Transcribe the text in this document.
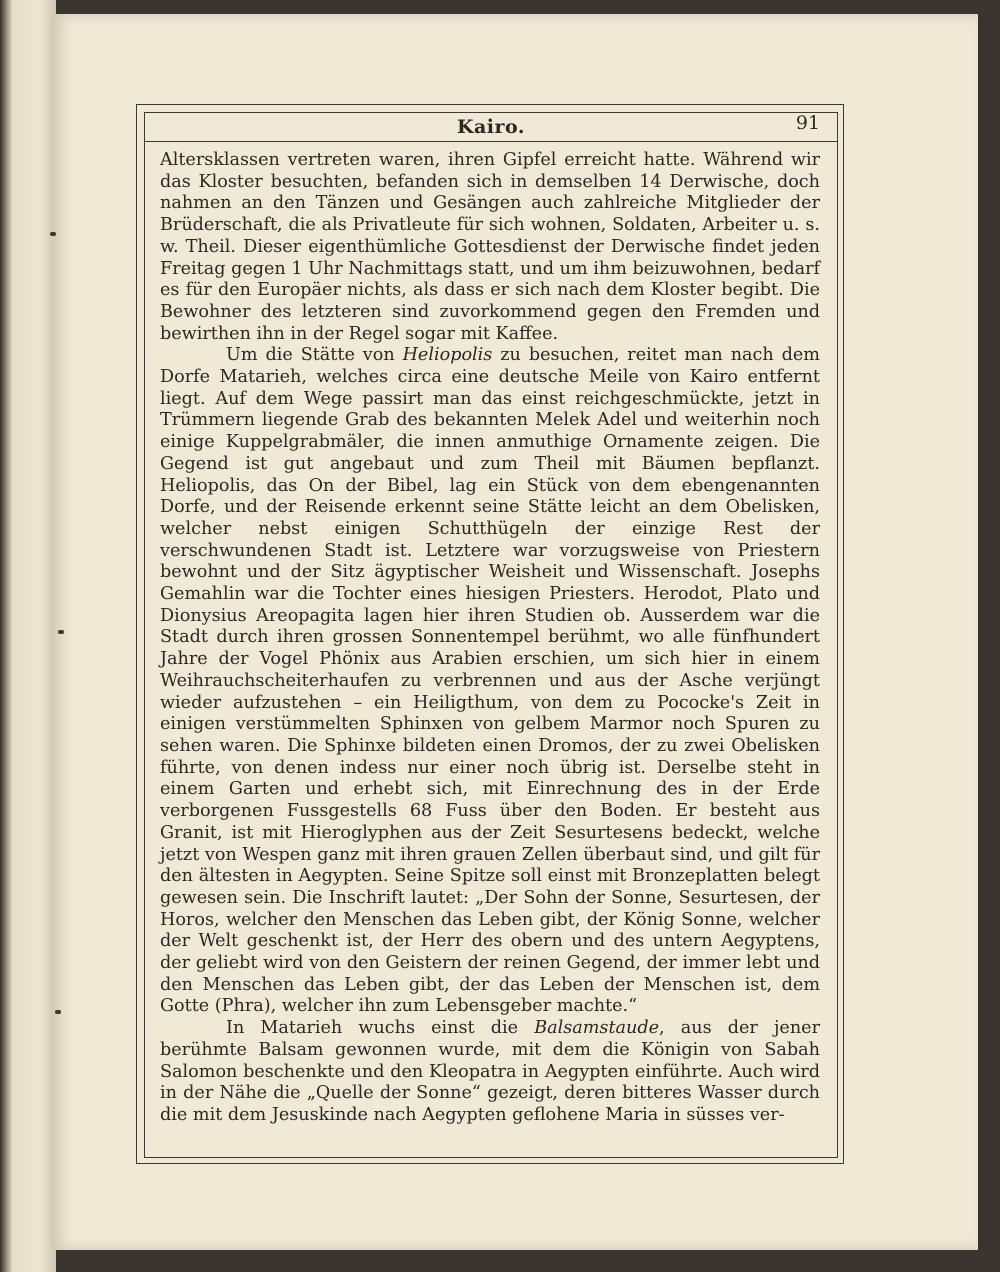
Kairo.	91

Altersklassen vertreten waren, ihren Gipfel erreicht hatte. Während wir das Kloster besuchten, befanden sich in demselben 14 Derwische, doch nahmen an den Tänzen und Gesängen auch zahlreiche Mitglieder der Brüderschaft, die als Privatleute für sich wohnen, Soldaten, Arbeiter u. s. w. Theil. Dieser eigenthümliche Gottesdienst der Derwische findet jeden Freitag gegen 1 Uhr Nachmittags statt, und um ihm beizuwohnen, bedarf es für den Europäer nichts, als dass er sich nach dem Kloster begibt. Die Bewohner des letzteren sind zuvorkommend gegen den Fremden und bewirthen ihn in der Regel sogar mit Kaffee.

Um die Stätte von Heliopolis zu besuchen, reitet man nach dem Dorfe Matarieh, welches circa eine deutsche Meile von Kairo entfernt liegt. Auf dem Wege passirt man das einst reichgeschmückte, jetzt in Trümmern liegende Grab des bekannten Melek Adel und weiterhin noch einige Kuppelgrabmäler, die innen anmuthige Ornamente zeigen. Die Gegend ist gut angebaut und zum Theil mit Bäumen bepflanzt. Heliopolis, das On der Bibel, lag ein Stück von dem ebengenannten Dorfe, und der Reisende erkennt seine Stätte leicht an dem Obelisken, welcher nebst einigen Schutthügeln der einzige Rest der verschwundenen Stadt ist. Letztere war vorzugsweise von Priestern bewohnt und der Sitz ägyptischer Weisheit und Wissenschaft. Josephs Gemahlin war die Tochter eines hiesigen Priesters. Herodot, Plato und Dionysius Areopagita lagen hier ihren Studien ob. Ausserdem war die Stadt durch ihren grossen Sonnentempel berühmt, wo alle fünfhundert Jahre der Vogel Phönix aus Arabien erschien, um sich hier in einem Weihrauchscheiterhaufen zu verbrennen und aus der Asche verjüngt wieder aufzustehen – ein Heiligthum, von dem zu Pococke's Zeit in einigen verstümmelten Sphinxen von gelbem Marmor noch Spuren zu sehen waren. Die Sphinxe bildeten einen Dromos, der zu zwei Obelisken führte, von denen indess nur einer noch übrig ist. Derselbe steht in einem Garten und erhebt sich, mit Einrechnung des in der Erde verborgenen Fussgestells 68 Fuss über den Boden. Er besteht aus Granit, ist mit Hieroglyphen aus der Zeit Sesurtesens bedeckt, welche jetzt von Wespen ganz mit ihren grauen Zellen überbaut sind, und gilt für den ältesten in Aegypten. Seine Spitze soll einst mit Bronzeplatten belegt gewesen sein. Die Inschrift lautet: „Der Sohn der Sonne, Sesurtesen, der Horos, welcher den Menschen das Leben gibt, der König Sonne, welcher der Welt geschenkt ist, der Herr des obern und des untern Aegyptens, der geliebt wird von den Geistern der reinen Gegend, der immer lebt und den Menschen das Leben gibt, der das Leben der Menschen ist, dem Gotte (Phra), welcher ihn zum Lebensgeber machte.“

In Matarieh wuchs einst die Balsamstaude, aus der jener berühmte Balsam gewonnen wurde, mit dem die Königin von Sabah Salomon beschenkte und den Kleopatra in Aegypten einführte. Auch wird in der Nähe die „Quelle der Sonne“ gezeigt, deren bitteres Wasser durch die mit dem Jesuskinde nach Aegypten geflohene Maria in süsses ver-
